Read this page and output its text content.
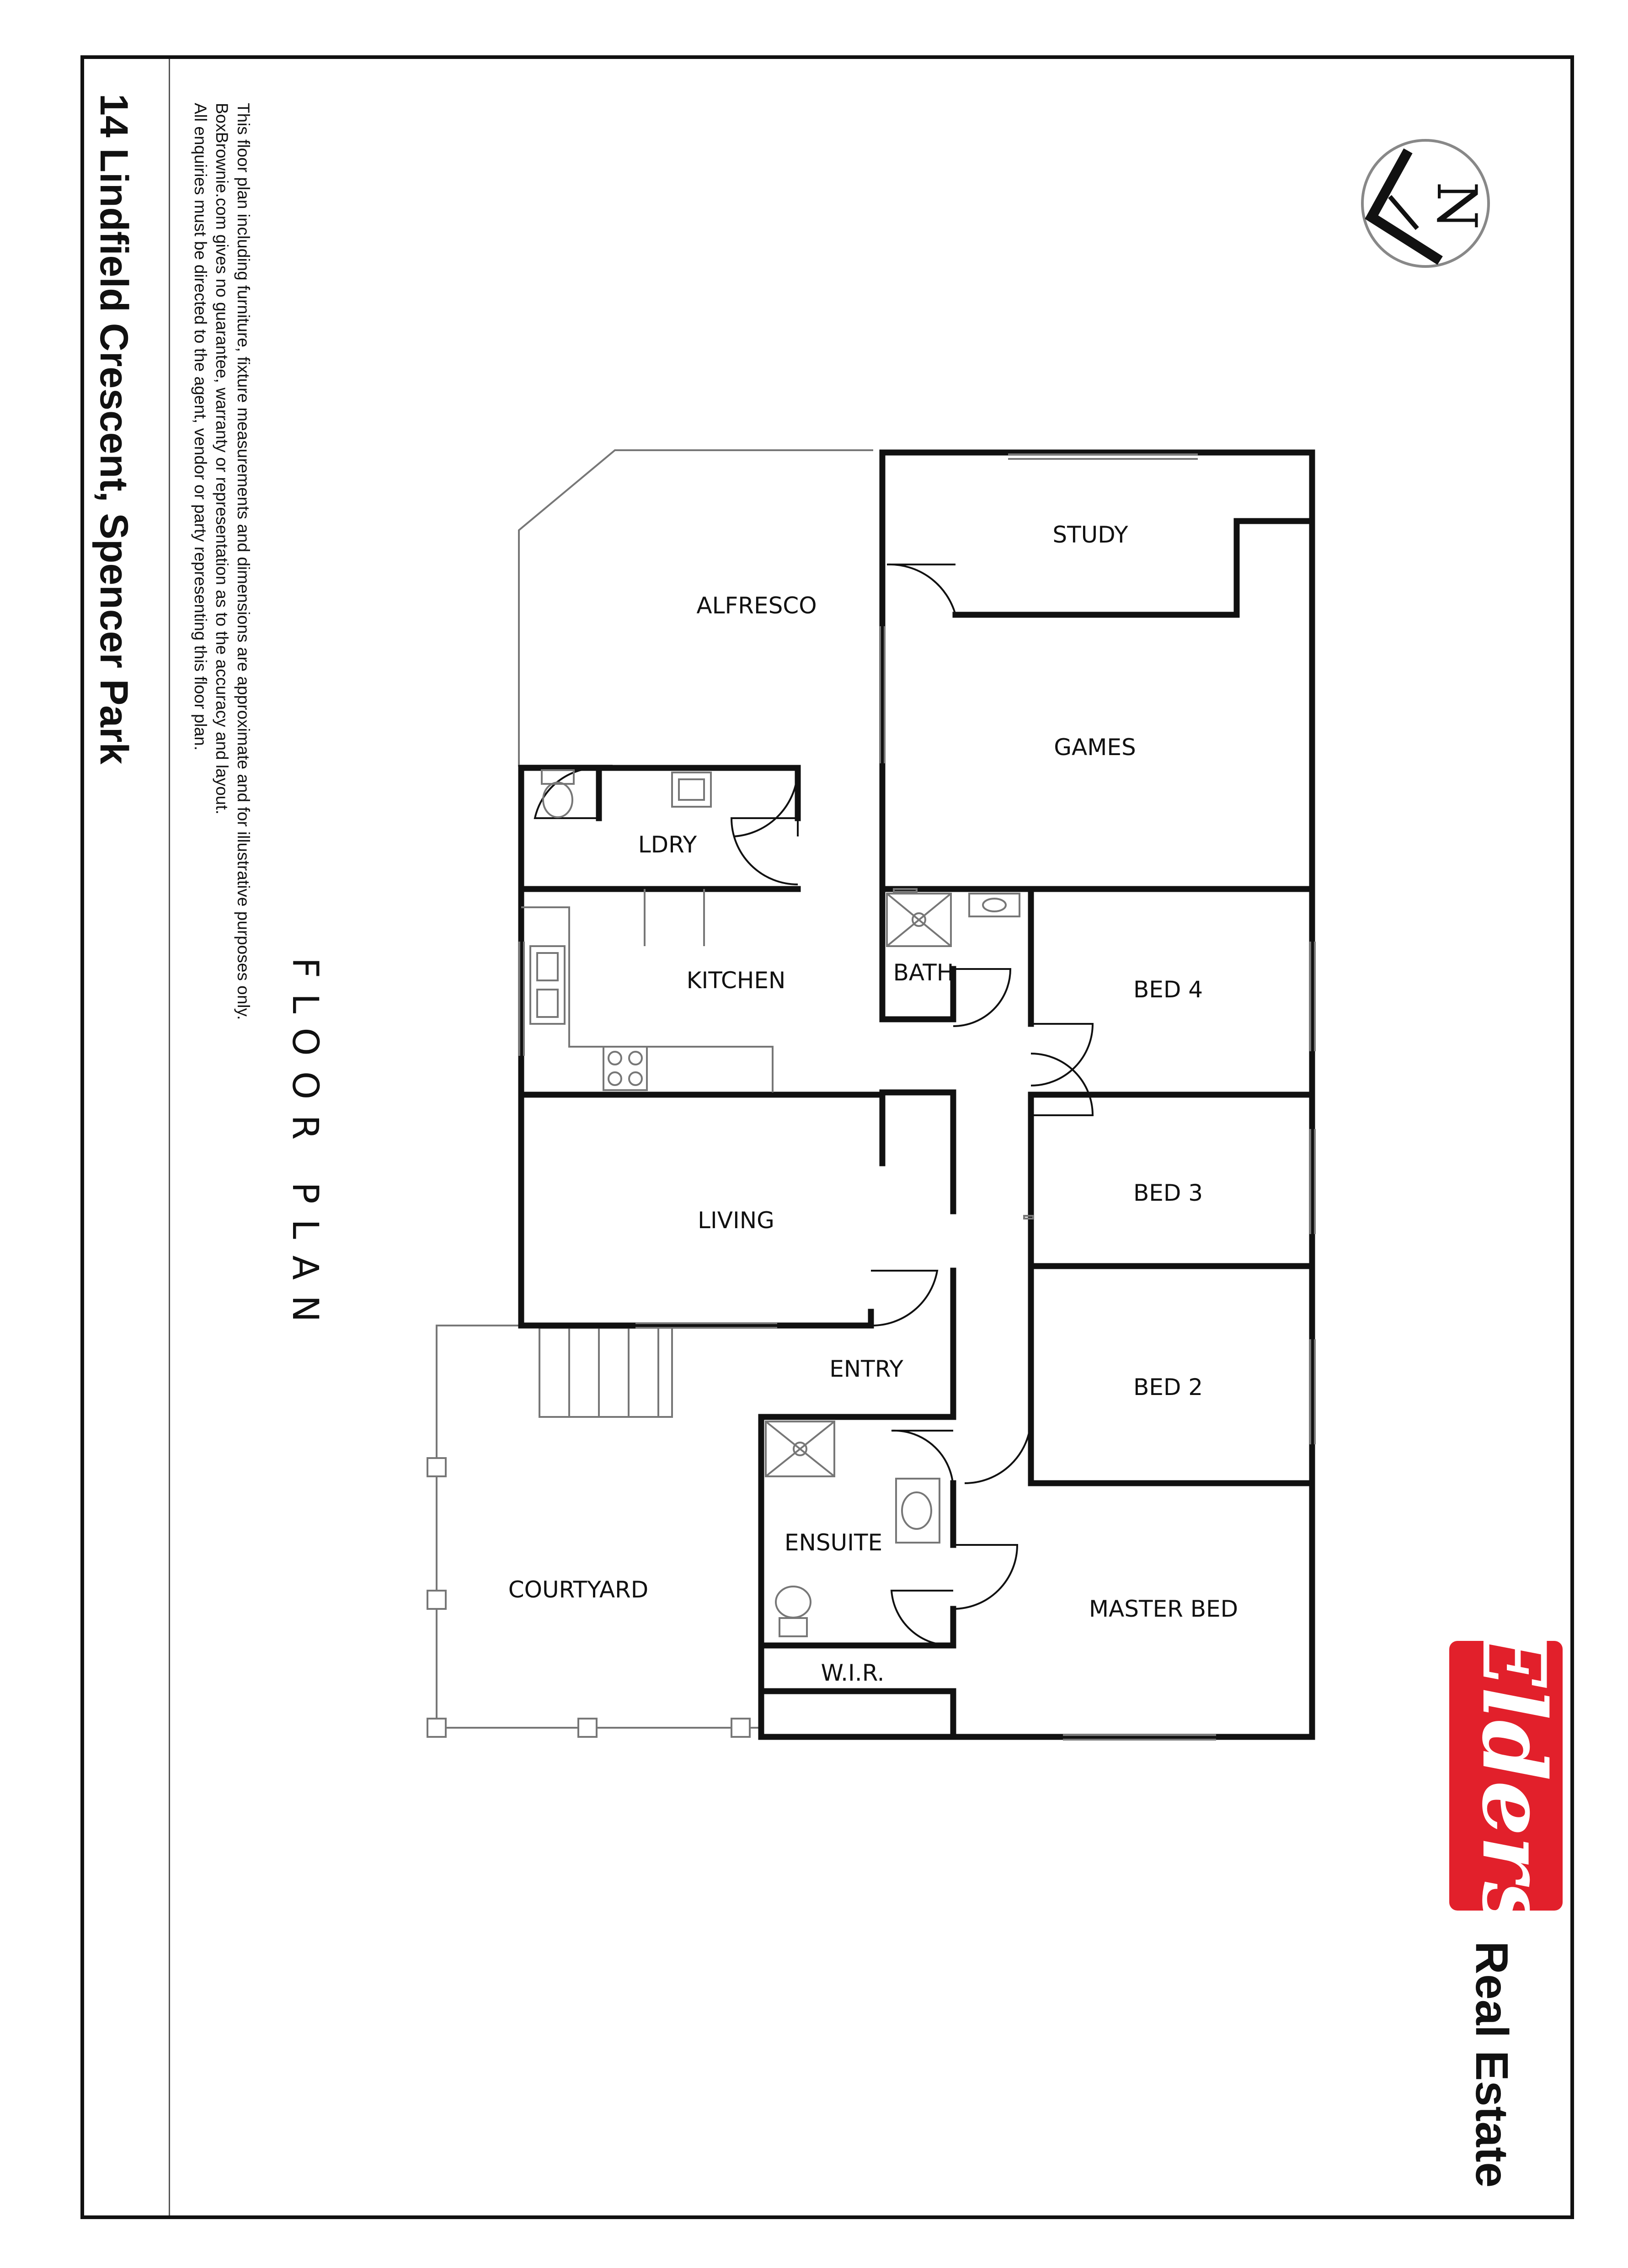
14 Lindfield Crescent, Spencer Park	This floor plan including furniture, fixture measurements and dimensions are approximate and for illustrative purposes only.
BoxBrownie.com gives no guarantee, warranty or representation as to the accuracy and layout.
All enquiries must be directed to the agent, vendor or party representing this floor plan.
FLOOR PLAN
N
Elders
ALFRESCO
STUDY
GAMES
LDRY
KITCHEN	BATH
BED 4
BED 3
BED 2
LIVING
ENTRY
ENSUITE
COURTYARD
MASTER BED
W.I.R.
Real Estate
